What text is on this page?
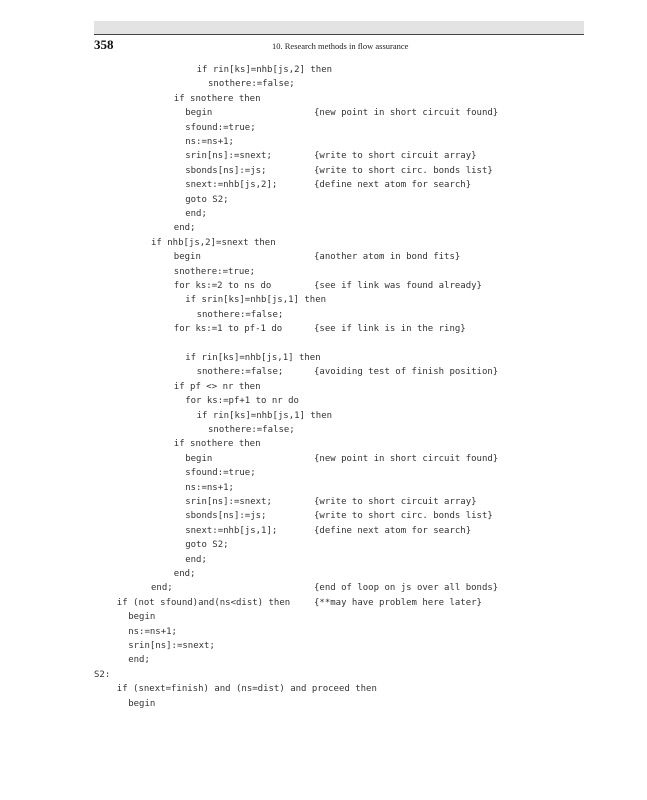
358	10. Research methods in flow assurance
if rin[ks]=nhb[js,2] then
snothere:=false;
if snothere then
begin	{new point in short circuit found}
sfound:=true;
ns:=ns+1;
srin[ns]:=snext;	{write to short circuit array}
sbonds[ns]:=js;	{write to short circ. bonds list}
snext:=nhb[js,2];	{define next atom for search}
goto S2;
end;
end;
if nhb[js,2]=snext then
begin	{another atom in bond fits}
snothere:=true;
for ks:=2 to ns do	{see if link was found already}
if srin[ks]=nhb[js,1] then
snothere:=false;
for ks:=1 to pf-1 do	{see if link is in the ring}
if rin[ks]=nhb[js,1] then
snothere:=false;	{avoiding test of finish position}
if pf <> nr then
for ks:=pf+1 to nr do
if rin[ks]=nhb[js,1] then
snothere:=false;
if snothere then
begin	{new point in short circuit found}
sfound:=true;
ns:=ns+1;
srin[ns]:=snext;	{write to short circuit array}
sbonds[ns]:=js;	{write to short circ. bonds list}
snext:=nhb[js,1];	{define next atom for search}
goto S2;
end;
end;
end;	{end of loop on js over all bonds}
if (not sfound)and(ns<dist) then	{**may have problem here later}
begin
ns:=ns+1;
srin[ns]:=snext;
end;
S2:
if (snext=finish) and (ns=dist) and proceed then
begin
